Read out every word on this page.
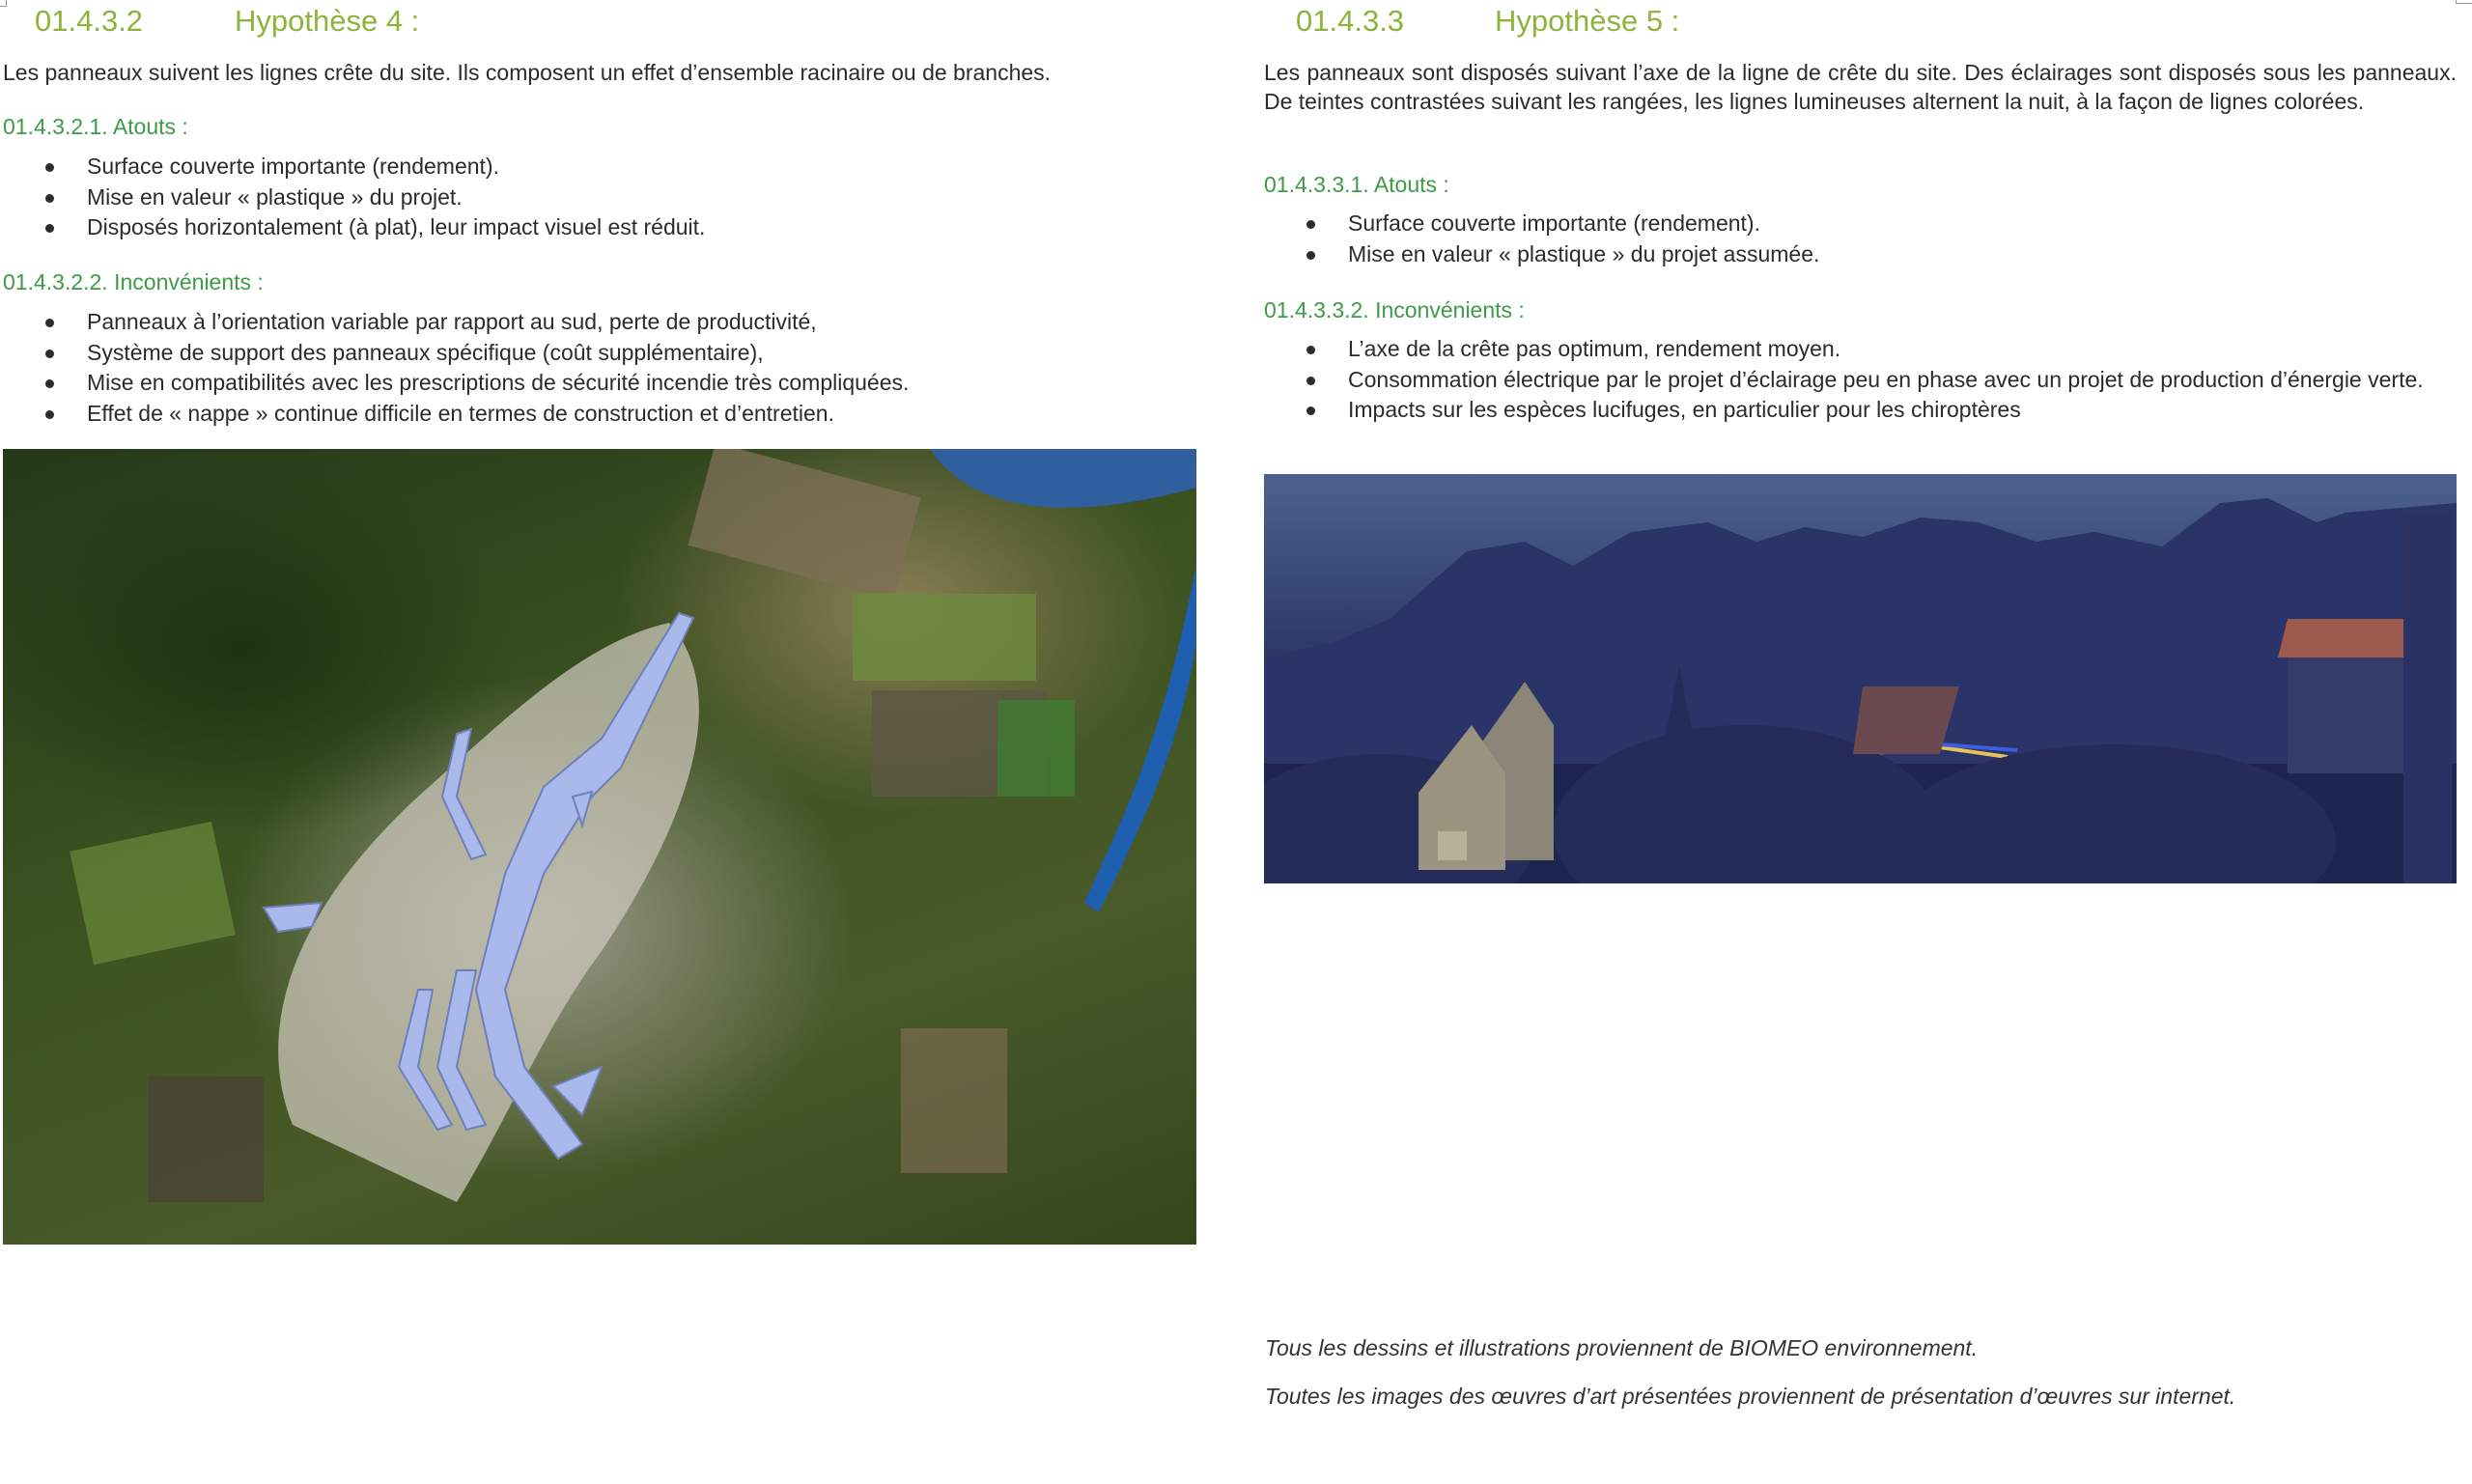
01.4.3.2	Hypothèse 4 :

Les panneaux suivent les lignes crête du site. Ils composent un effet d’ensemble racinaire ou de branches.

01.4.3.2.1. Atouts :
Surface couverte importante (rendement).
Mise en valeur « plastique » du projet.
Disposés horizontalement (à plat), leur impact visuel est réduit.
01.4.3.2.2. Inconvénients :
Panneaux à l’orientation variable par rapport au sud, perte de productivité,
Système de support des panneaux spécifique (coût supplémentaire),
Mise en compatibilités avec les prescriptions de sécurité incendie très compliquées.
Effet de « nappe » continue difficile en termes de construction et d’entretien.
01.4.3.3	Hypothèse 5 :

Les panneaux sont disposés suivant l’axe de la ligne de crête du site. Des éclairages sont disposés sous les panneaux. De teintes contrastées suivant les rangées, les lignes lumineuses alternent la nuit, à la façon de lignes colorées.

01.4.3.3.1. Atouts :
Surface couverte importante (rendement).
Mise en valeur « plastique » du projet assumée.
01.4.3.3.2. Inconvénients :
L’axe de la crête pas optimum, rendement moyen.
Consommation électrique par le projet d’éclairage peu en phase avec un projet de production d’énergie verte.
Impacts sur les espèces lucifuges, en particulier pour les chiroptères
Tous les dessins et illustrations proviennent de BIOMEO environnement.
Toutes les images des œuvres d’art présentées proviennent de présentation d’œuvres sur internet.
